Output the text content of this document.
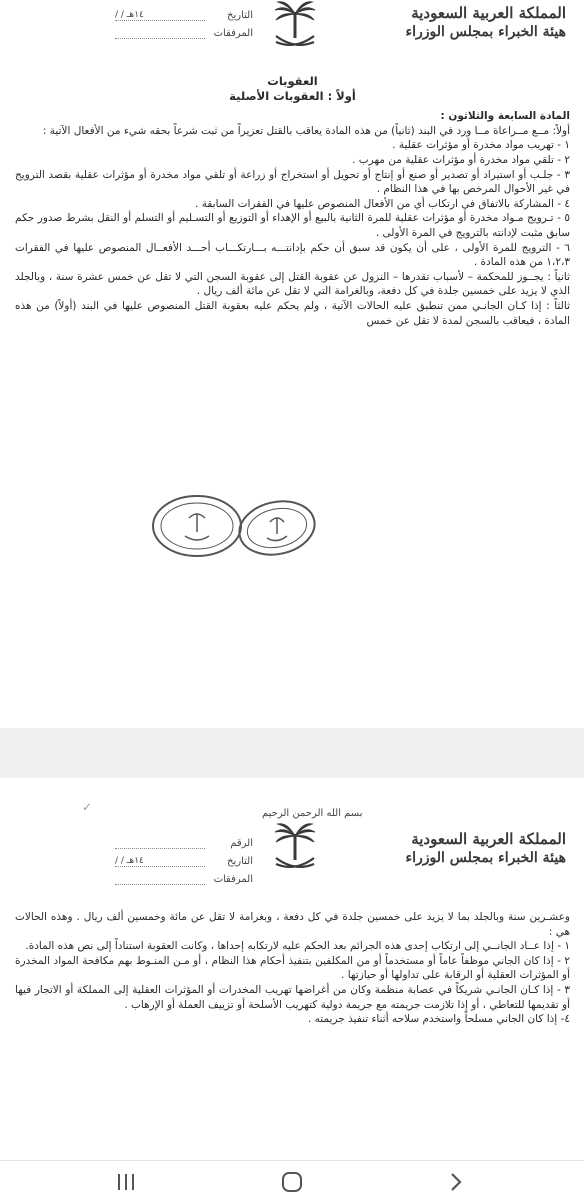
المملكة العربية السعودية
هيئة الخبراء بمجلس الوزراء
/ / ١٤هـ	التاريخ
المرفقات

العقوبات

أولاً : العقوبات الأصلية

المادة السابعة والثلاثون :

أولاً: مــع مــراعاة مــا ورد في البند (ثانياً) من هذه المادة يعاقب بالقتل تعزيراً من ثبت شرعاً بحقه شيء من الأفعال الآتية :

١ - تهريب مواد مخدرة أو مؤثرات عقلية .

٢ - تلقي مواد مخدرة أو مؤثرات عقلية من مهرب .

٣ - جلـب أو استيراد أو تصدير أو صنع أو إنتاج أو تحويل أو استخراج أو زراعة أو تلقي مواد مخدرة أو مؤثرات عقلية بقصد الترويج في غير الأحوال المرخص بها في هذا النظام .

٤ - المشاركة بالاتفاق في ارتكاب أي من الأفعال المنصوص عليها في الفقرات السابقة .

٥ - تـرويج مـواد مخدرة أو مؤثرات عقلية للمرة الثانية بالبيع أو الإهداء أو التوزيع أو التسـليم أو التسلم أو النقل بشرط صدور حكم سابق مثبت لإدانته بالترويج في المرة الأولى .

٦ - الترويج للمرة الأولى ، على أن يكون قد سبق أن حكم بإدانتـــه بـــارتكـــاب أحـــد الأفعــال المنصوص عليها في الفقرات ١،٢،٣ من هذه المادة .

ثانياً : يجــوز للمحكمة – لأسباب تقدرها – النزول عن عقوبة القتل إلى عقوبة السجن التي لا تقل عن خمس عشرة سنة ، وبالجلد الذي لا يزيد على خمسين جلدة في كل دفعة، وبالغرامة التي لا تقل عن مائة ألف ريال .

ثالثاً : إذا كـان الجانـي ممن تنطبق عليه الحالات الآتية ، ولم يحكم عليه بعقوبة القتل المنصوص عليها في البند (أولاً) من هذه المادة ، فيعاقب بالسجن لمدة لا تقل عن خمس

بسم الله الرحمن الرحيم
المملكة العربية السعودية
هيئة الخبراء بمجلس الوزراء
الرقم
/ / ١٤هـ	التاريخ
المرفقات

وعشـرين سنة وبالجلد بما لا يزيد على خمسين جلدة في كل دفعة ، وبغرامة لا تقل عن مائة وخمسين ألف ريال . وهذه الحالات هي :

١ - إذا عــاد الجانــي إلى ارتكاب إحدى هذه الجرائم بعد الحكم عليه لارتكابه إحداها ، وكانت العقوبة استناداً إلى نص هذه المادة.

٢ - إذا كان الجاني موظفاً عاماً أو مستخدماً أو من المكلفين بتنفيذ أحكام هذا النظام ، أو مـن المنـوط بهم مكافحة المواد المخدرة أو المؤثرات العقلية أو الرقابة على تداولها أو حيازتها .

٣ - إذا كـان الجانـي شريكاً في عصابة منظمة وكان من أغراضها تهريب المخدرات أو المؤثرات العقلية إلى المملكة أو الاتجار فيها أو تقديمها للتعاطي ، أو إذا تلازمت جريمته مع جريمة دولية كتهريب الأسلحة أو تزييف العملة أو الإرهاب .

٤- إذا كان الجاني مسلحاً واستخدم سلاحه أثناء تنفيذ جريمته .

✓
